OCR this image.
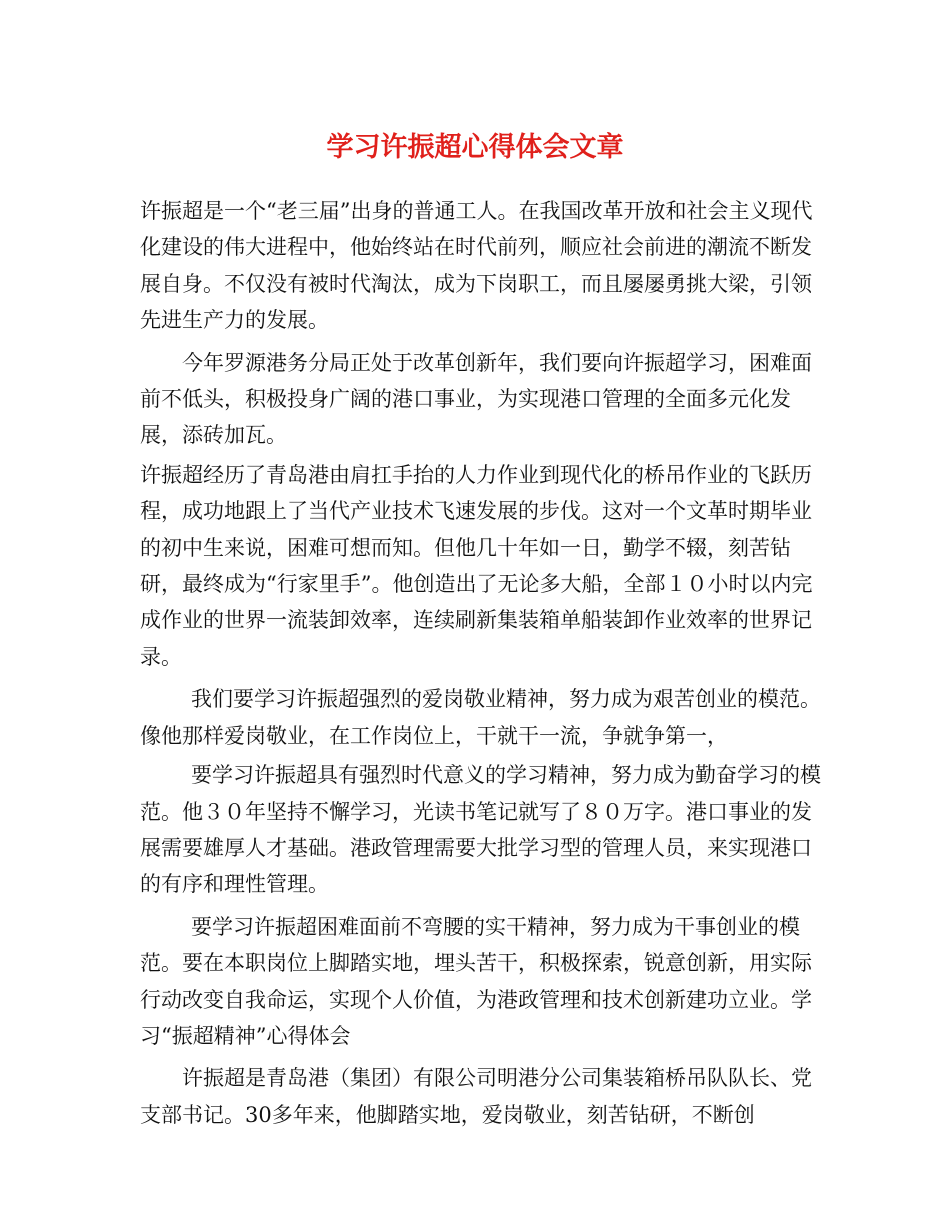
学习许振超心得体会文章

许振超是一个“老三届”出身的普通工人。在我国改革开放和社会主义现代化建设的伟大进程中，他始终站在时代前列，顺应社会前进的潮流不断发展自身。不仅没有被时代淘汰，成为下岗职工，而且屡屡勇挑大梁，引领先进生产力的发展。

今年罗源港务分局正处于改革创新年，我们要向许振超学习，困难面前不低头，积极投身广阔的港口事业，为实现港口管理的全面多元化发展，添砖加瓦。

许振超经历了青岛港由肩扛手抬的人力作业到现代化的桥吊作业的飞跃历程，成功地跟上了当代产业技术飞速发展的步伐。这对一个文革时期毕业的初中生来说，困难可想而知。但他几十年如一日，勤学不辍，刻苦钻研，最终成为“行家里手”。他创造出了无论多大船，全部１０小时以内完成作业的世界一流装卸效率，连续刷新集装箱单船装卸作业效率的世界记录。

我们要学习许振超强烈的爱岗敬业精神，努力成为艰苦创业的模范。像他那样爱岗敬业，在工作岗位上，干就干一流，争就争第一，

要学习许振超具有强烈时代意义的学习精神，努力成为勤奋学习的模范。他３０年坚持不懈学习，光读书笔记就写了８０万字。港口事业的发展需要雄厚人才基础。港政管理需要大批学习型的管理人员，来实现港口的有序和理性管理。

要学习许振超困难面前不弯腰的实干精神，努力成为干事创业的模范。要在本职岗位上脚踏实地，埋头苦干，积极探索，锐意创新，用实际行动改变自我命运，实现个人价值，为港政管理和技术创新建功立业。学习“振超精神”心得体会

许振超是青岛港（集团）有限公司明港分公司集装箱桥吊队队长、党支部书记。30多年来，他脚踏实地，爱岗敬业，刻苦钻研，不断创
